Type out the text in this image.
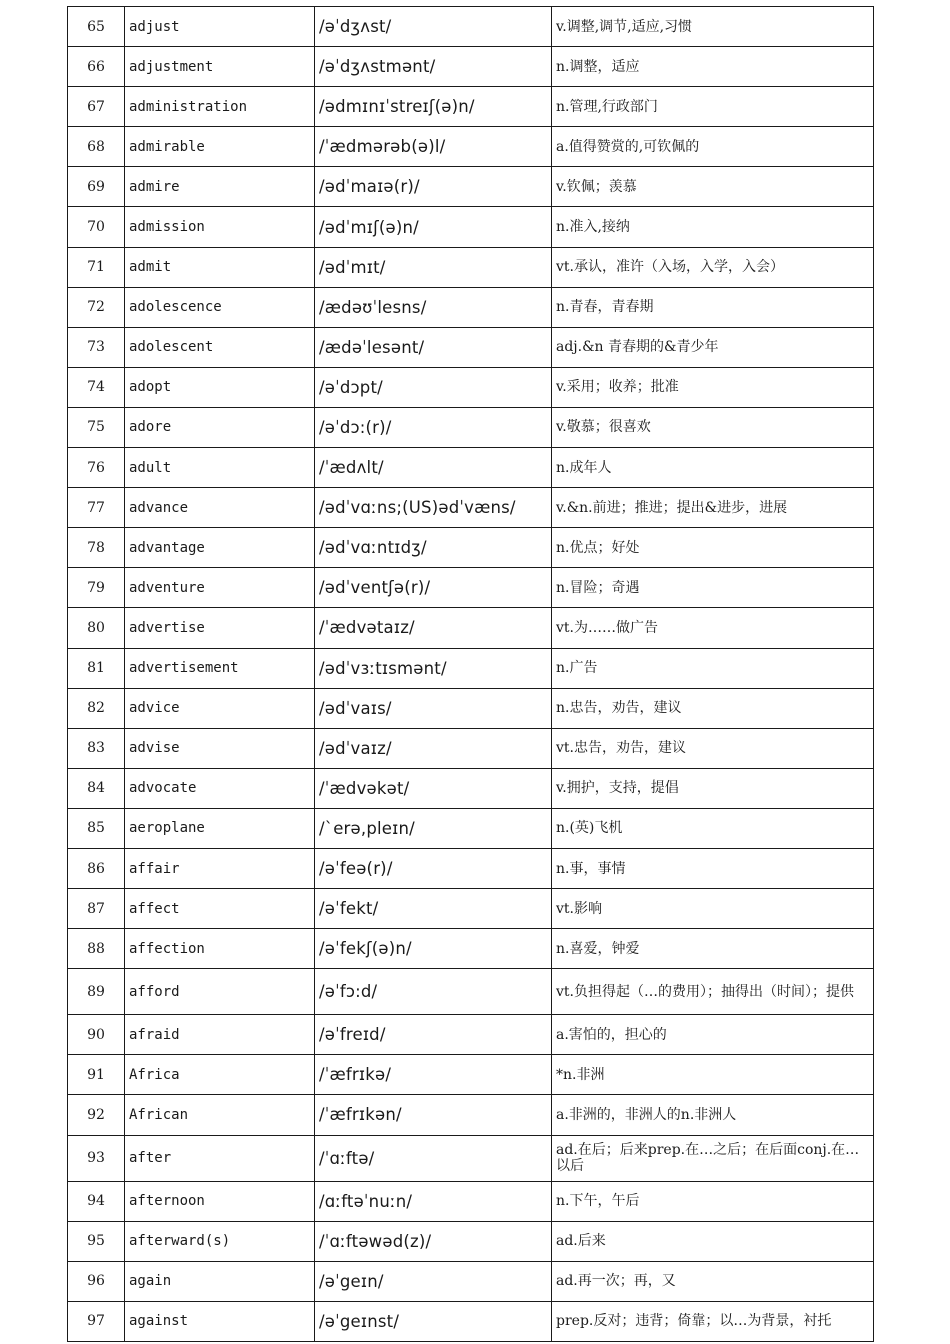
65	adjust	/əˈdʒʌst/	v.调整,调节,适应,习惯
66	adjustment	/əˈdʒʌstmənt/	n.调整，适应
67	administration	/ədmɪnɪˈstreɪʃ(ə)n/	n.管理,行政部门
68	admirable	/ˈædmərəb(ə)l/	a.值得赞赏的,可钦佩的
69	admire	/ədˈmaɪə(r)/	v.钦佩；羡慕
70	admission	/ədˈmɪʃ(ə)n/	n.准入,接纳
71	admit	/ədˈmɪt/	vt.承认，准许（入场，入学，入会）
72	adolescence	/ædəʊˈlesns/	n.青春，青春期
73	adolescent	/ædəˈlesənt/	adj.&n 青春期的&青少年
74	adopt	/əˈdɔpt/	v.采用；收养；批准
75	adore	/əˈdɔ:(r)/	v.敬慕；很喜欢
76	adult	/ˈædʌlt/	n.成年人
77	advance	/ədˈvɑːns;(US)ədˈvæns/	v.&n.前进；推进；提出&进步，进展
78	advantage	/ədˈvɑːntɪdʒ/	n.优点；好处
79	adventure	/ədˈventʃə(r)/	n.冒险；奇遇
80	advertise	/ˈædvətaɪz/	vt.为……做广告
81	advertisement	/ədˈvɜːtɪsmənt/	n.广告
82	advice	/ədˈvaɪs/	n.忠告，劝告，建议
83	advise	/ədˈvaɪz/	vt.忠告，劝告，建议
84	advocate	/ˈædvəkət/	v.拥护，支持，提倡
85	aeroplane	/`erə,pleɪn/	n.(英)飞机
86	affair	/əˈfeə(r)/	n.事，事情
87	affect	/əˈfekt/	vt.影响
88	affection	/əˈfekʃ(ə)n/	n.喜爱，钟爱
89	afford	/əˈfɔ:d/	vt.负担得起（…的费用）；抽得出（时间）；提供
90	afraid	/əˈfreɪd/	a.害怕的，担心的
91	Africa	/ˈæfrɪkə/	*n.非洲
92	African	/ˈæfrɪkən/	a.非洲的，非洲人的n.非洲人
93	after	/ˈɑːftə/	ad.在后；后来prep.在…之后；在后面conj.在…以后
94	afternoon	/ɑːftəˈnuːn/	n.下午，午后
95	afterward(s)	/ˈɑːftəwəd(z)/	ad.后来
96	again	/əˈgeɪn/	ad.再一次；再，又
97	against	/əˈgeɪnst/	prep.反对；违背；倚靠；以…为背景，衬托
